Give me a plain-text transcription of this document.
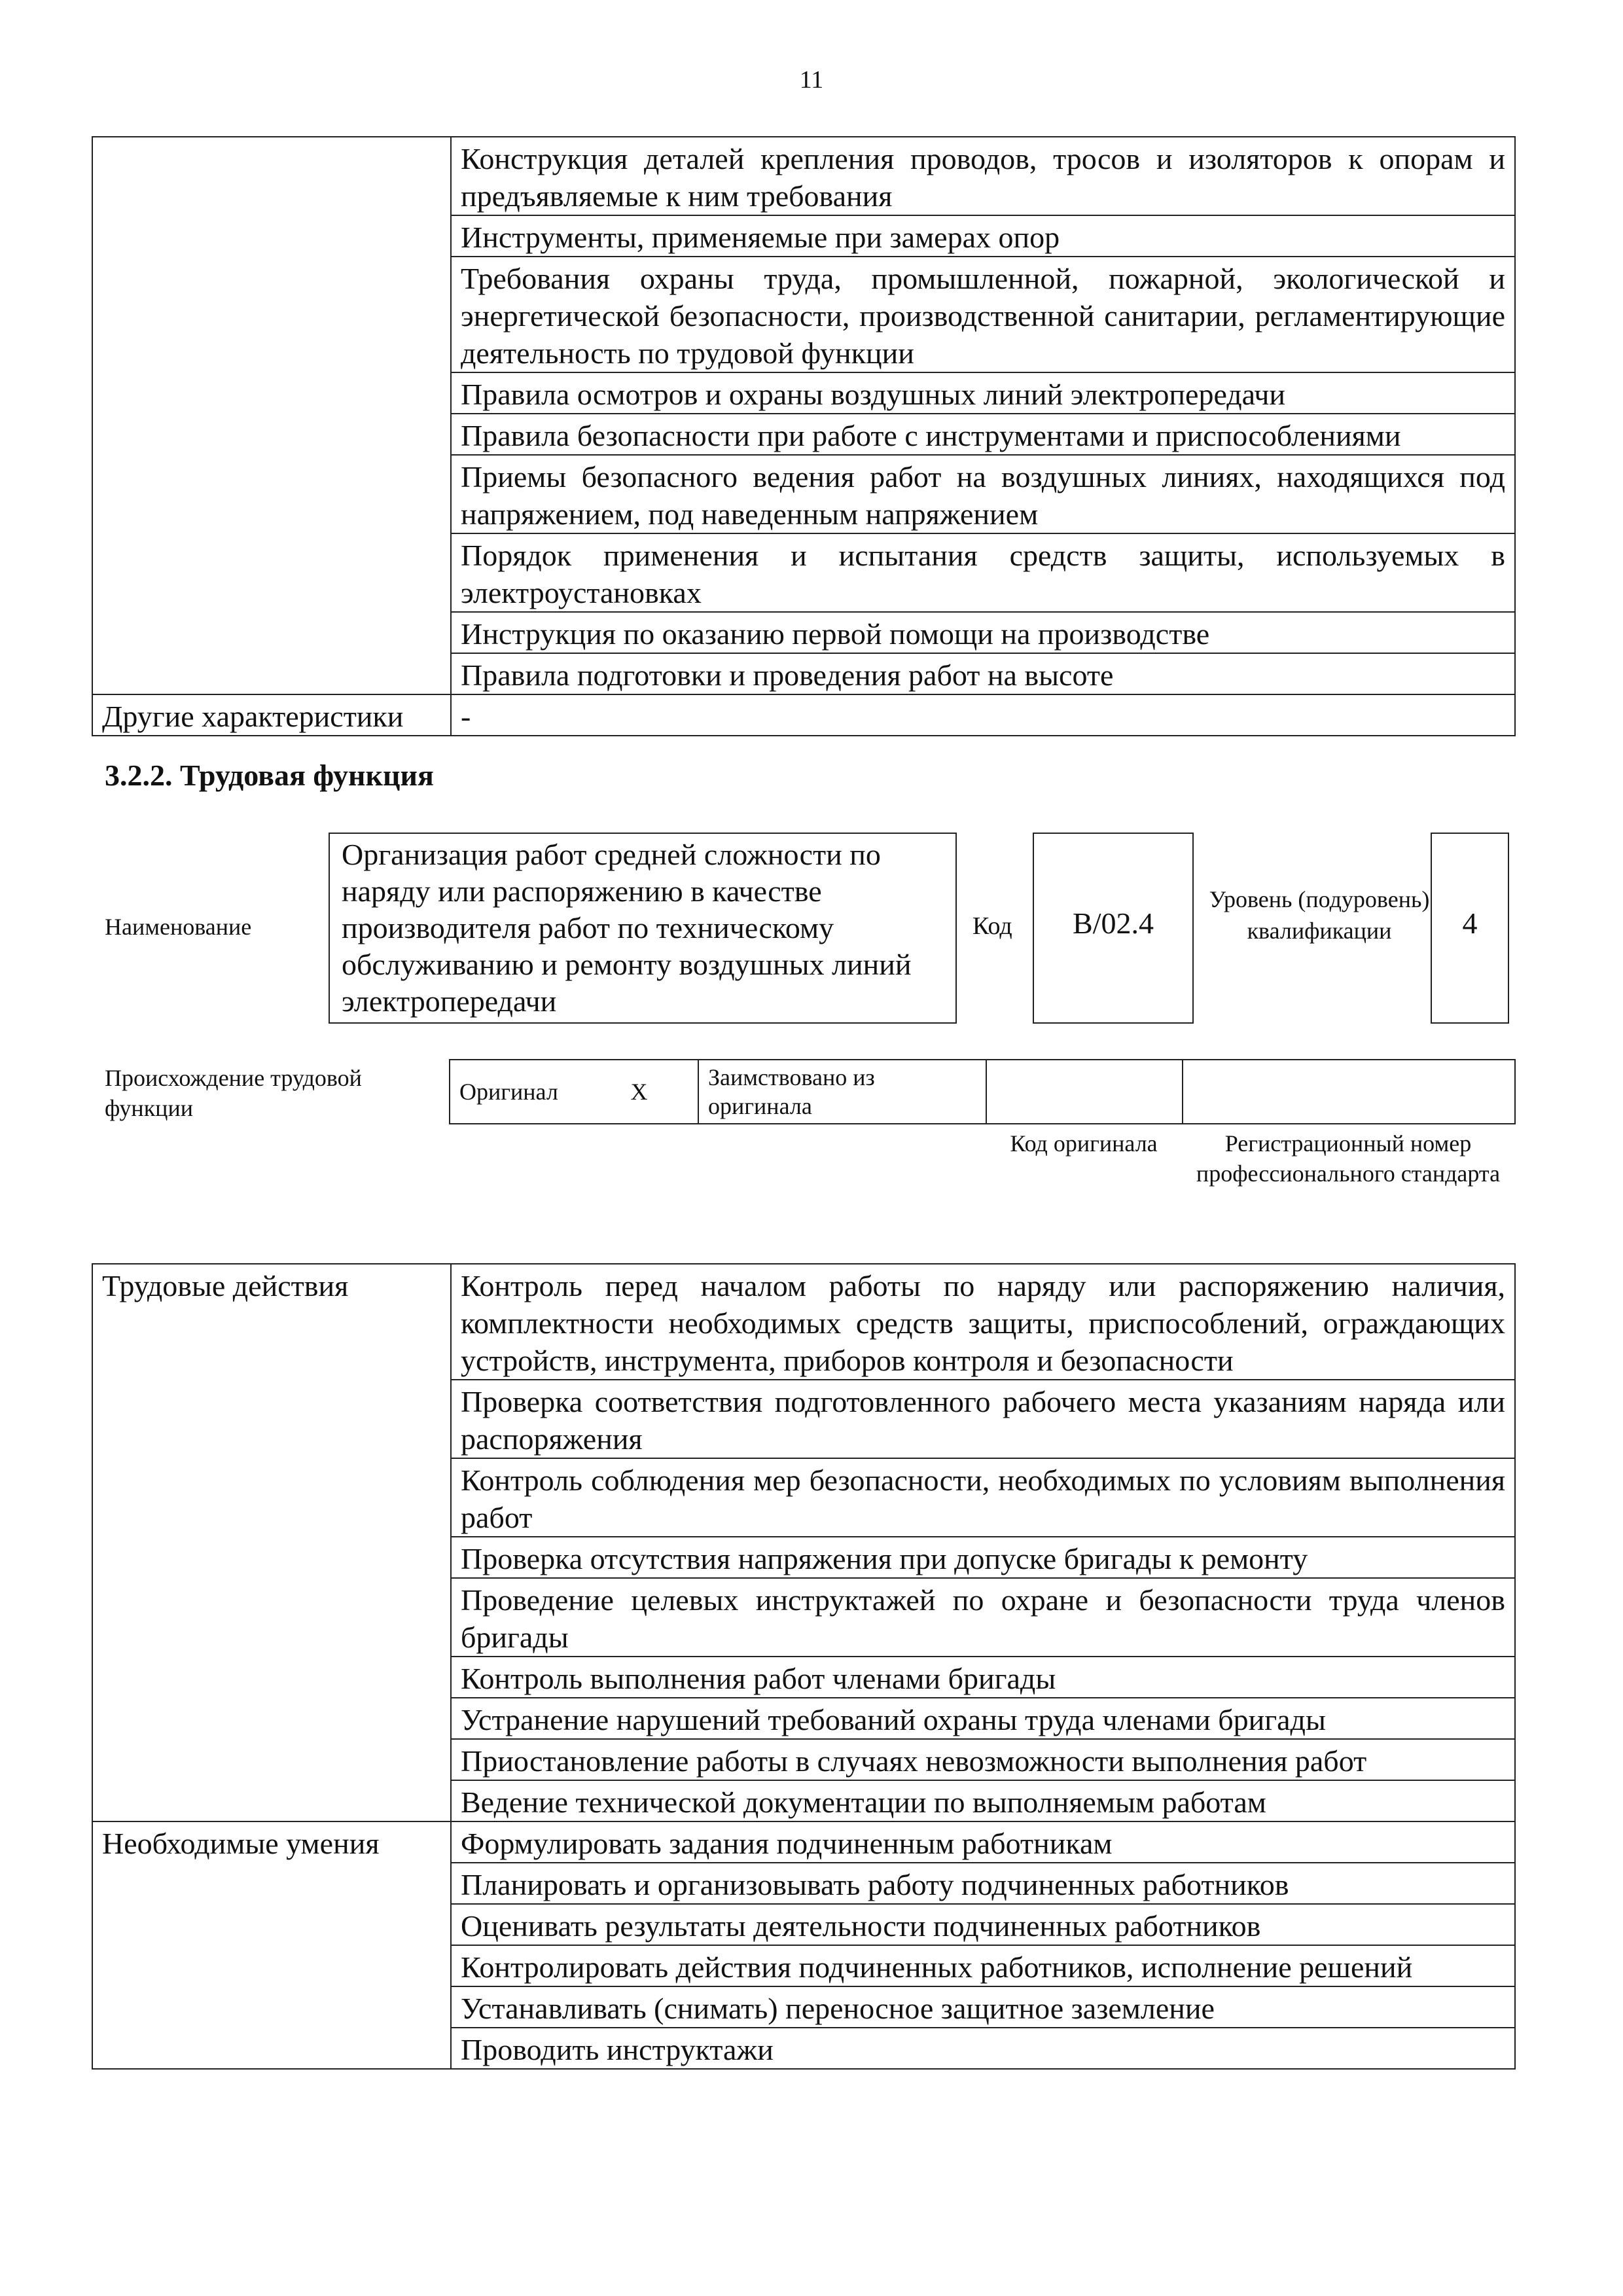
11
	Конструкция деталей крепления проводов, тросов и изоляторов к опорам и предъявляемые к ним требования
	Инструменты, применяемые при замерах опор
	Требования охраны труда, промышленной, пожарной, экологической и энергетической безопасности, производственной санитарии, регламентирующие деятельность по трудовой функции
	Правила осмотров и охраны воздушных линий электропередачи
	Правила безопасности при работе с инструментами и приспособлениями
	Приемы безопасного ведения работ на воздушных линиях, находящихся под напряжением, под наведенным напряжением
	Порядок применения и испытания средств защиты, используемых в электроустановках
	Инструкция по оказанию первой помощи на производстве
	Правила подготовки и проведения работ на высоте
Другие характеристики	-
3.2.2. Трудовая функция
Наименование
Организация работ средней сложности по наряду или распоряжению в качестве производителя работ по техническому обслуживанию и ремонту воздушных линий электропередачи
Код	B/02.4
Уровень (подуровень) квалификации	4
Происхождение трудовой функции
Оригинал	X	Заимствовано из оригинала		
Код оригинала	Регистрационный номер профессионального стандарта
Трудовые действия	Контроль перед началом работы по наряду или распоряжению наличия, комплектности необходимых средств защиты, приспособлений, ограждающих устройств, инструмента, приборов контроля и безопасности
	Проверка соответствия подготовленного рабочего места указаниям наряда или распоряжения
	Контроль соблюдения мер безопасности, необходимых по условиям выполнения работ
	Проверка отсутствия напряжения при допуске бригады к ремонту
	Проведение целевых инструктажей по охране и безопасности труда членов бригады
	Контроль выполнения работ членами бригады
	Устранение нарушений требований охраны труда членами бригады
	Приостановление работы в случаях невозможности выполнения работ
	Ведение технической документации по выполняемым работам
Необходимые умения	Формулировать задания подчиненным работникам
	Планировать и организовывать работу подчиненных работников
	Оценивать результаты деятельности подчиненных работников
	Контролировать действия подчиненных работников, исполнение решений
	Устанавливать (снимать) переносное защитное заземление
	Проводить инструктажи
